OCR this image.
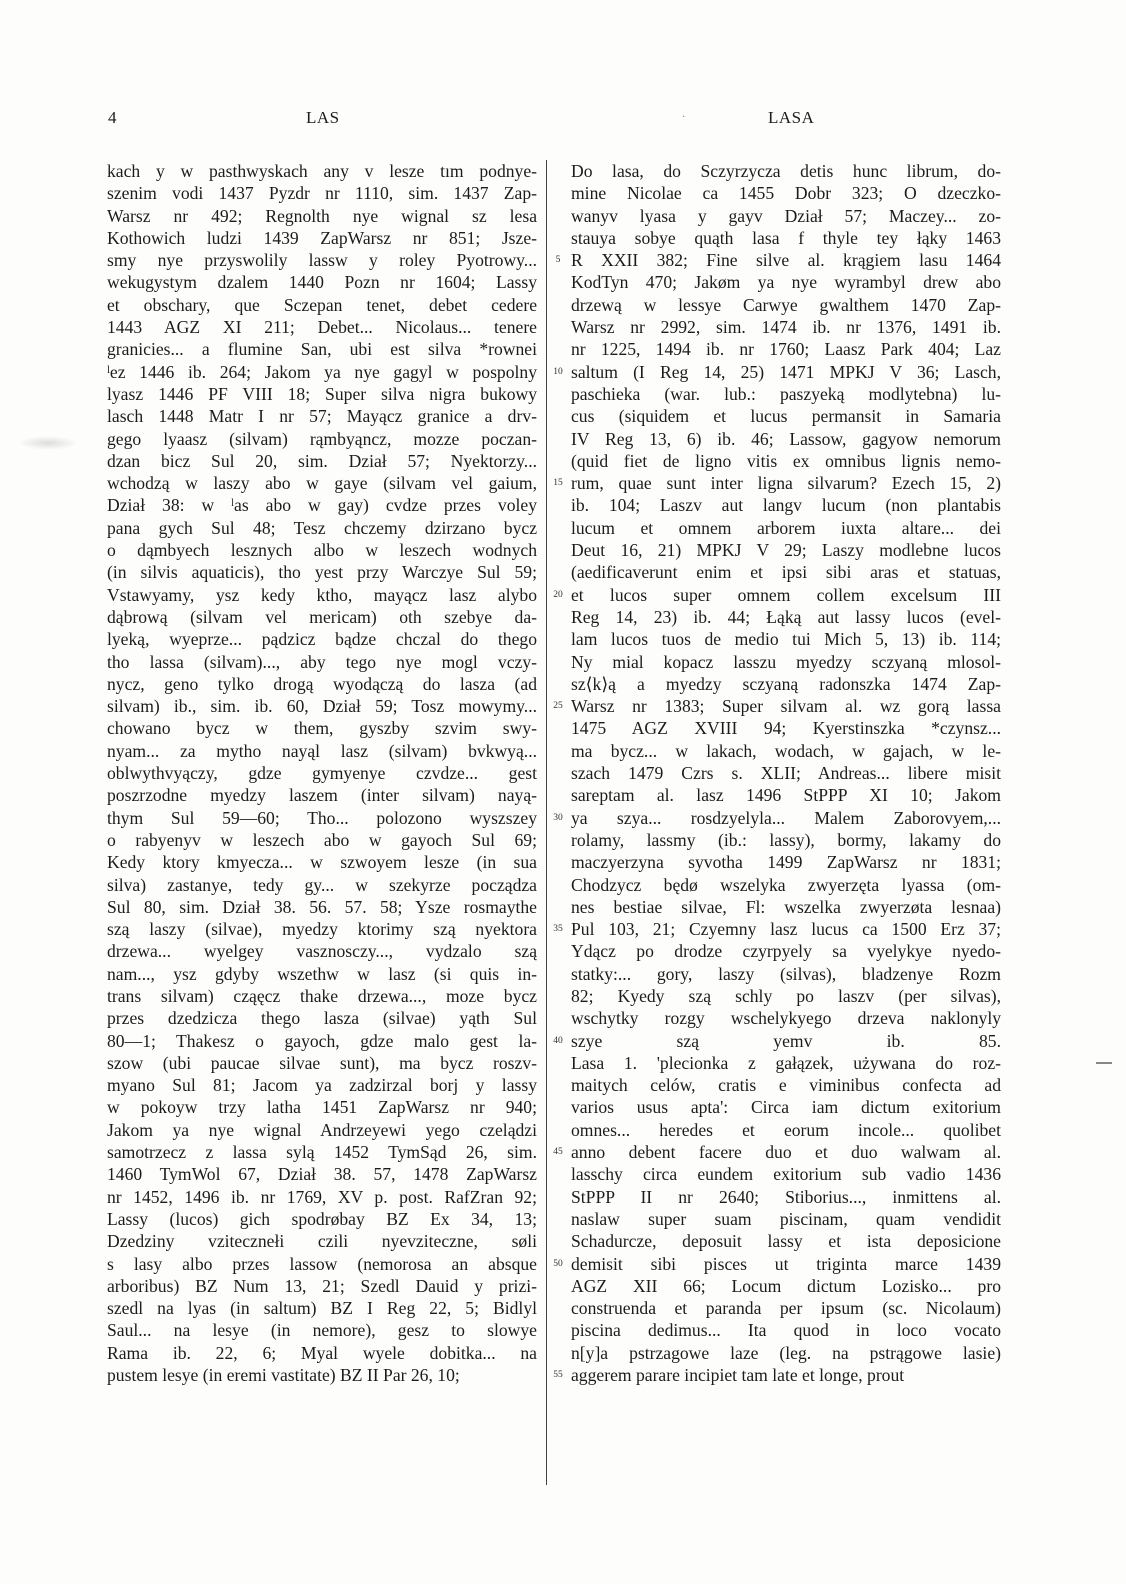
4	LAS	·	LASA
kach y w pasthwyskach any v lesze tım podnye-
szenim vodi 1437 Pyzdr nr 1110, sim. 1437 Zap-
Warsz nr 492; Regnolth nye wignal sz lesa
Kothowich ludzi 1439 ZapWarsz nr 851; Jsze-
smy nye przyswolily lassw y roley Pyotrowy...
wekugystym dzalem 1440 Pozn nr 1604; Lassy
et obschary, que Sczepan tenet, debet cedere
1443 AGZ XI 211; Debet... Nicolaus... tenere
granicies... a flumine San, ubi est silva *rownei
ˡez 1446 ib. 264; Jakom ya nye gagyl w pospolny
lyasz 1446 PF VIII 18; Super silva nigra bukowy
lasch 1448 Matr I nr 57; Mayącz granice a drv-
gego lyaasz (silvam) rąmbyąncz, mozze poczan-
dzan bicz Sul 20, sim. Dział 57; Nyektorzy...
wchodzą w laszy abo w gaye (silvam vel gaium,
Dział 38: w ˡas abo w gay) cvdze przes voley
pana gych Sul 48; Tesz chczemy dzirzano bycz
o dąmbyech lesznych albo w leszech wodnych
(in silvis aquaticis), tho yest przy Warczye Sul 59;
Vstawyamy, ysz kedy ktho, mayącz lasz alybo
dąbrową (silvam vel mericam) oth szebye da-
lyeką, wyeprze... pądzicz bądze chczal do thego
tho lassa (silvam)..., aby tego nye mogl vczy-
nycz, geno tylko drogą wyodączą do lasza (ad
silvam) ib., sim. ib. 60, Dział 59; Tosz mowymy...
chowano bycz w them, gyszby szvim swy-
nyam... za mytho nayąl lasz (silvam) bvkwyą...
oblwythvyączy, gdze gymyenye czvdze... gest
poszrzodne myedzy laszem (inter silvam) nayą-
thym Sul 59—60; Tho... polozono wyszszey
o rabyenyv w leszech abo w gayoch Sul 69;
Kedy ktory kmyecza... w szwoyem lesze (in sua
silva) zastanye, tedy gy... w szekyrze począdza
Sul 80, sim. Dział 38. 56. 57. 58; Ysze rosmaythe
szą laszy (silvae), myedzy ktorimy szą nyektora
drzewa... wyelgey vasznosczy..., vydzalo szą
nam..., ysz gdyby wszethw w lasz (si quis in-
trans silvam) cząęcz thake drzewa..., moze bycz
przes dzedzicza thego lasza (silvae) yąth Sul
80—1; Thakesz o gayoch, gdze malo gest la-
szow (ubi paucae silvae sunt), ma bycz roszv-
myano Sul 81; Jacom ya zadzirzal borj y lassy
w pokoyw trzy latha 1451 ZapWarsz nr 940;
Jakom ya nye wignal Andrzeyewi yego czelądzi
samotrzecz z lassa sylą 1452 TymSąd 26, sim.
1460 TymWol 67, Dział 38. 57, 1478 ZapWarsz
nr 1452, 1496 ib. nr 1769, XV p. post. RafZran 92;
Lassy (lucos) gich spodrøbay BZ Ex 34, 13;
Dzedziny vzitecznełi czili nyevziteczne, søli
s lasy albo przes lassow (nemorosa an absque
arboribus) BZ Num 13, 21; Szedl Dauid y prizi-
szedl na lyas (in saltum) BZ I Reg 22, 5; Bidlyl
Saul... na lesye (in nemore), gesz to slowye
Rama ib. 22, 6; Myal wyele dobitka... na
pustem lesye (in eremi vastitate) BZ II Par 26, 10;
5
10
15
20
25
30
35
40
45
50
55
Do lasa, do Sczyrzycza detis hunc librum, do-
mine Nicolae ca 1455 Dobr 323; O dzeczko-
wanyv lyasa y gayv Dział 57; Maczey... zo-
stauya sobye quąth lasa f thyle tey łąky 1463
R XXII 382; Fine silve al. krągiem lasu 1464
KodTyn 470; Jakøm ya nye wyrambyl drew abo
drzewą w lessye Carwye gwalthem 1470 Zap-
Warsz nr 2992, sim. 1474 ib. nr 1376, 1491 ib.
nr 1225, 1494 ib. nr 1760; Laasz Park 404; Laz
saltum (I Reg 14, 25) 1471 MPKJ V 36; Lasch,
paschieka (war. lub.: paszyeką modlytebna) lu-
cus (siquidem et lucus permansit in Samaria
IV Reg 13, 6) ib. 46; Lassow, gagyow nemorum
(quid fiet de ligno vitis ex omnibus lignis nemo-
rum, quae sunt inter ligna silvarum? Ezech 15, 2)
ib. 104; Laszv aut langv lucum (non plantabis
lucum et omnem arborem iuxta altare... dei
Deut 16, 21) MPKJ V 29; Laszy modlebne lucos
(aedificaverunt enim et ipsi sibi aras et statuas,
et lucos super omnem collem excelsum III
Reg 14, 23) ib. 44; Łąką aut lassy lucos (evel-
lam lucos tuos de medio tui Mich 5, 13) ib. 114;
Ny mial kopacz lasszu myedzy sczyaną mlosol-
sz⟨k⟩ą a myedzy sczyaną radonszka 1474 Zap-
Warsz nr 1383; Super silvam al. wz gorą lassa
1475 AGZ XVIII 94; Kyerstinszka *czynsz...
ma bycz... w lakach, wodach, w gajach, w le-
szach 1479 Czrs s. XLII; Andreas... libere misit
sareptam al. lasz 1496 StPPP XI 10; Jakom
ya szya... rosdzyelyla... Malem Zaborovyem,...
rolamy, lassmy (ib.: lassy), bormy, lakamy do
maczyerzyna syvotha 1499 ZapWarsz nr 1831;
Chodzycz będø wszelyka zwyerzęta lyassa (om-
nes bestiae silvae, Fl: wszelka zwyerzøta lesnaa)
Pul 103, 21; Czyemny lasz lucus ca 1500 Erz 37;
Ydącz po drodze czyrpyely sa vyelykye nyedo-
statky:... gory, laszy (silvas), bladzenye Rozm
82; Kyedy szą schly po laszv (per silvas),
wschytky rozgy wschelykyego drzeva naklonyly
szye szą yemv ib. 85.
Lasa 1. 'plecionka z gałązek, używana do roz-
maitych celów, cratis e viminibus confecta ad
varios usus apta': Circa iam dictum exitorium
omnes... heredes et eorum incole... quolibet
anno debent facere duo et duo walwam al.
lasschy circa eundem exitorium sub vadio 1436
StPPP II nr 2640; Stiborius..., inmittens al.
naslaw super suam piscinam, quam vendidit
Schadurcze, deposuit lassy et ista deposicione
demisit sibi pisces ut triginta marce 1439
AGZ XII 66; Locum dictum Lozisko... pro
construenda et paranda per ipsum (sc. Nicolaum)
piscina dedimus... Ita quod in loco vocato
n[y]a pstrzagowe laze (leg. na pstrągowe lasie)
aggerem parare incipiet tam late et longe, prout
